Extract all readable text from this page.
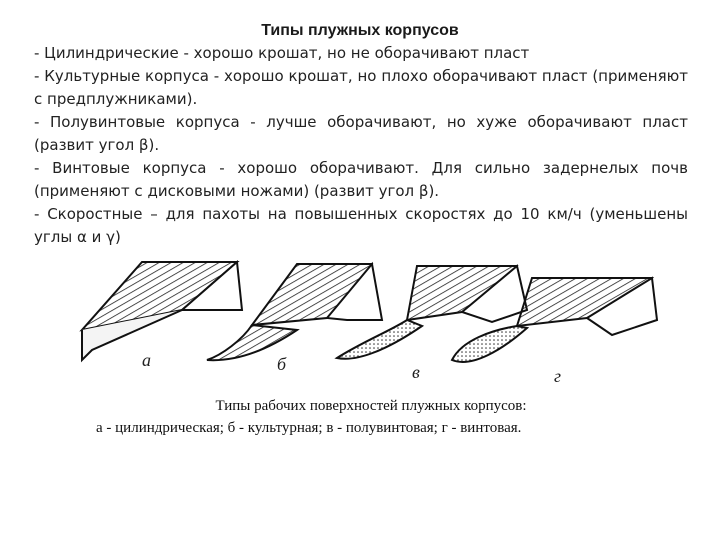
Типы плужных корпусов

- Цилиндрические - хорошо крошат, но не оборачивают пласт

- Культурные корпуса - хорошо крошат, но плохо оборачивают пласт (применяют с предплужниками).

- Полувинтовые корпуса - лучше оборачивают, но хуже оборачивают пласт (развит угол β).

- Винтовые корпуса - хорошо оборачивают. Для сильно задернелых почв (применяют с дисковыми ножами) (развит угол β).

- Скоростные – для пахоты на повышенных скоростях до 10 км/ч (уменьшены углы α и γ)

а	б	в	г
Типы рабочих поверхностей плужных корпусов:
а - цилиндрическая; б - культурная; в - полувинтовая; г - винтовая.
